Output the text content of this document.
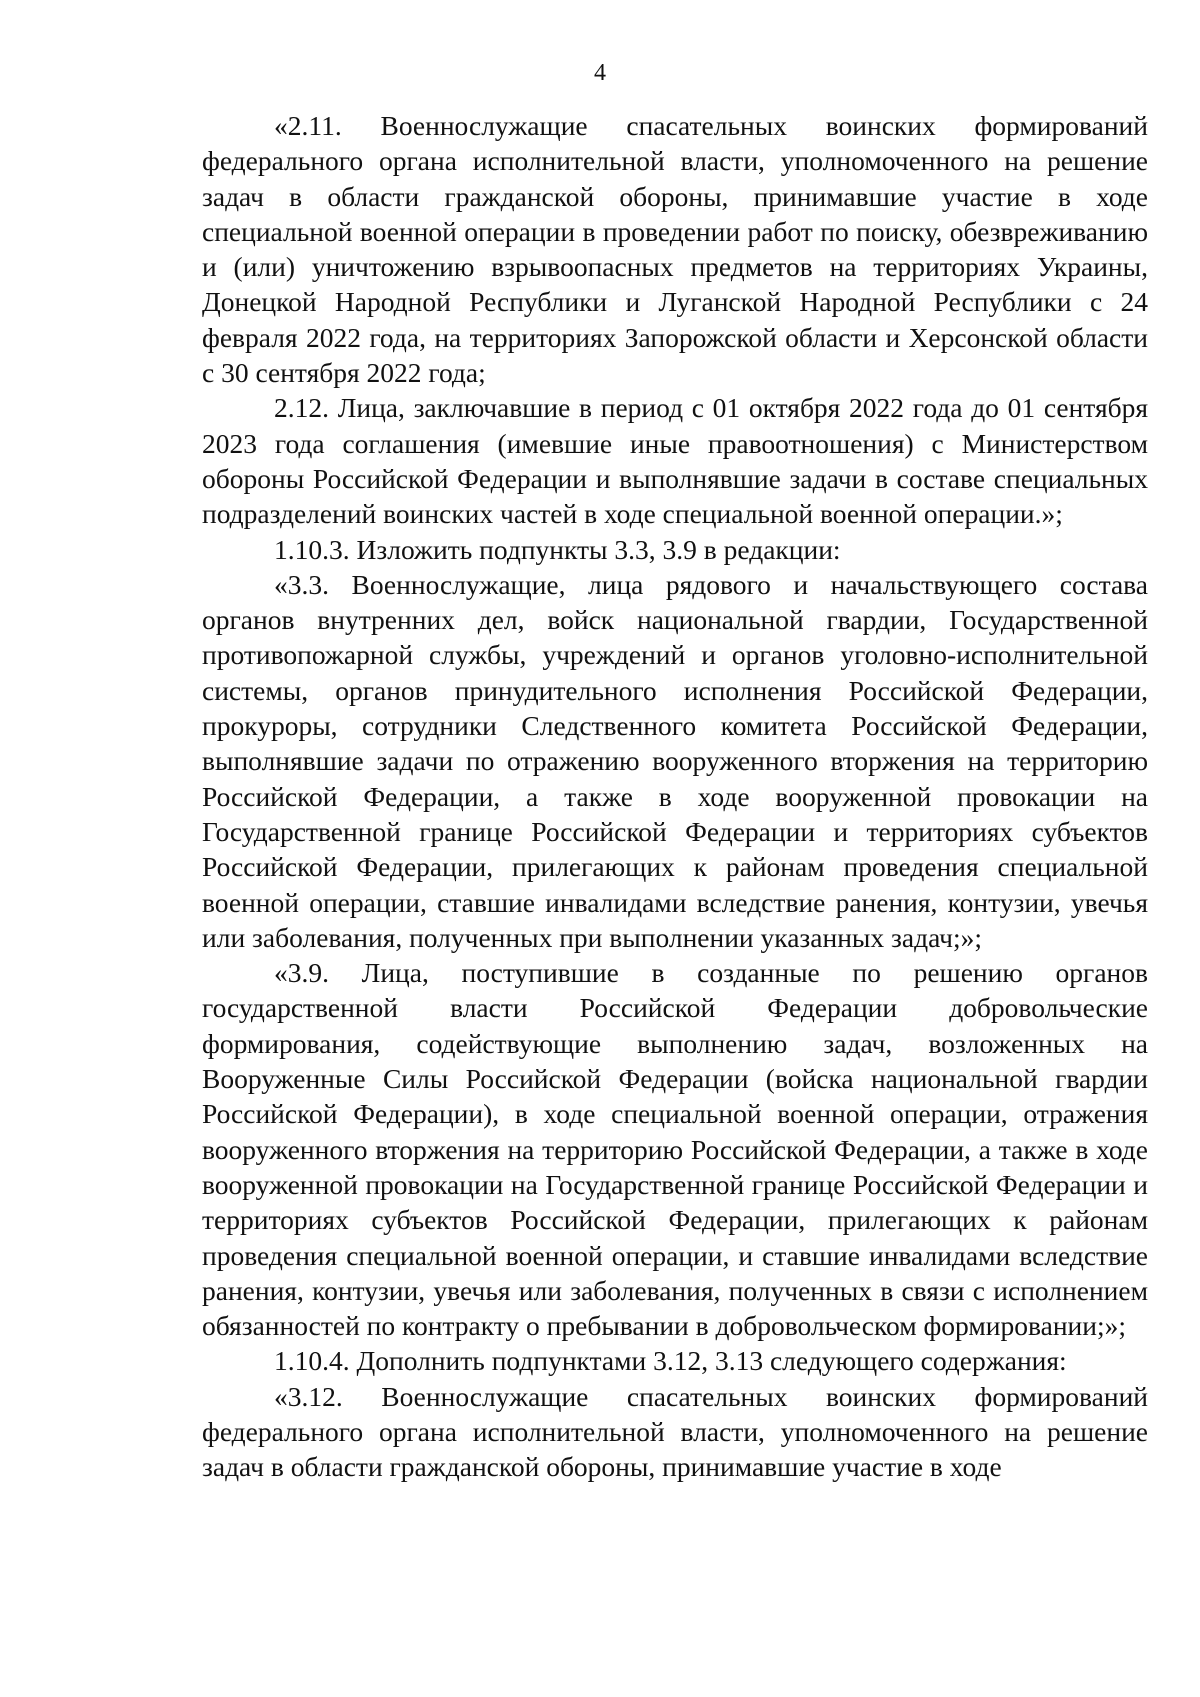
4

«2.11. Военнослужащие спасательных воинских формирований федерального органа исполнительной власти, уполномоченного на решение задач в области гражданской обороны, принимавшие участие в ходе специальной военной операции в проведении работ по поиску, обезвреживанию и (или) уничтожению взрывоопасных предметов на территориях Украины, Донецкой Народной Республики и Луганской Народной Республики с 24 февраля 2022 года, на территориях Запорожской области и Херсонской области с 30 сентября 2022 года;

2.12. Лица, заключавшие в период с 01 октября 2022 года до 01 сентября 2023 года соглашения (имевшие иные правоотношения) с Министерством обороны Российской Федерации и выполнявшие задачи в составе специальных подразделений воинских частей в ходе специальной военной операции.»;

1.10.3. Изложить подпункты 3.3, 3.9 в редакции:

«3.3. Военнослужащие, лица рядового и начальствующего состава органов внутренних дел, войск национальной гвардии, Государственной противопожарной службы, учреждений и органов уголовно-исполнительной системы, органов принудительного исполнения Российской Федерации, прокуроры, сотрудники Следственного комитета Российской Федерации, выполнявшие задачи по отражению вооруженного вторжения на территорию Российской Федерации, а также в ходе вооруженной провокации на Государственной границе Российской Федерации и территориях субъектов Российской Федерации, прилегающих к районам проведения специальной военной операции, ставшие инвалидами вследствие ранения, контузии, увечья или заболевания, полученных при выполнении указанных задач;»;

«3.9. Лица, поступившие в созданные по решению органов государственной власти Российской Федерации добровольческие формирования, содействующие выполнению задач, возложенных на Вооруженные Силы Российской Федерации (войска национальной гвардии Российской Федерации), в ходе специальной военной операции, отражения вооруженного вторжения на территорию Российской Федерации, а также в ходе вооруженной провокации на Государственной границе Российской Федерации и территориях субъектов Российской Федерации, прилегающих к районам проведения специальной военной операции, и ставшие инвалидами вследствие ранения, контузии, увечья или заболевания, полученных в связи с исполнением обязанностей по контракту о пребывании в добровольческом формировании;»;

1.10.4. Дополнить подпунктами 3.12, 3.13 следующего содержания:

«3.12. Военнослужащие спасательных воинских формирований федерального органа исполнительной власти, уполномоченного на решение задач в области гражданской обороны, принимавшие участие в ходе
